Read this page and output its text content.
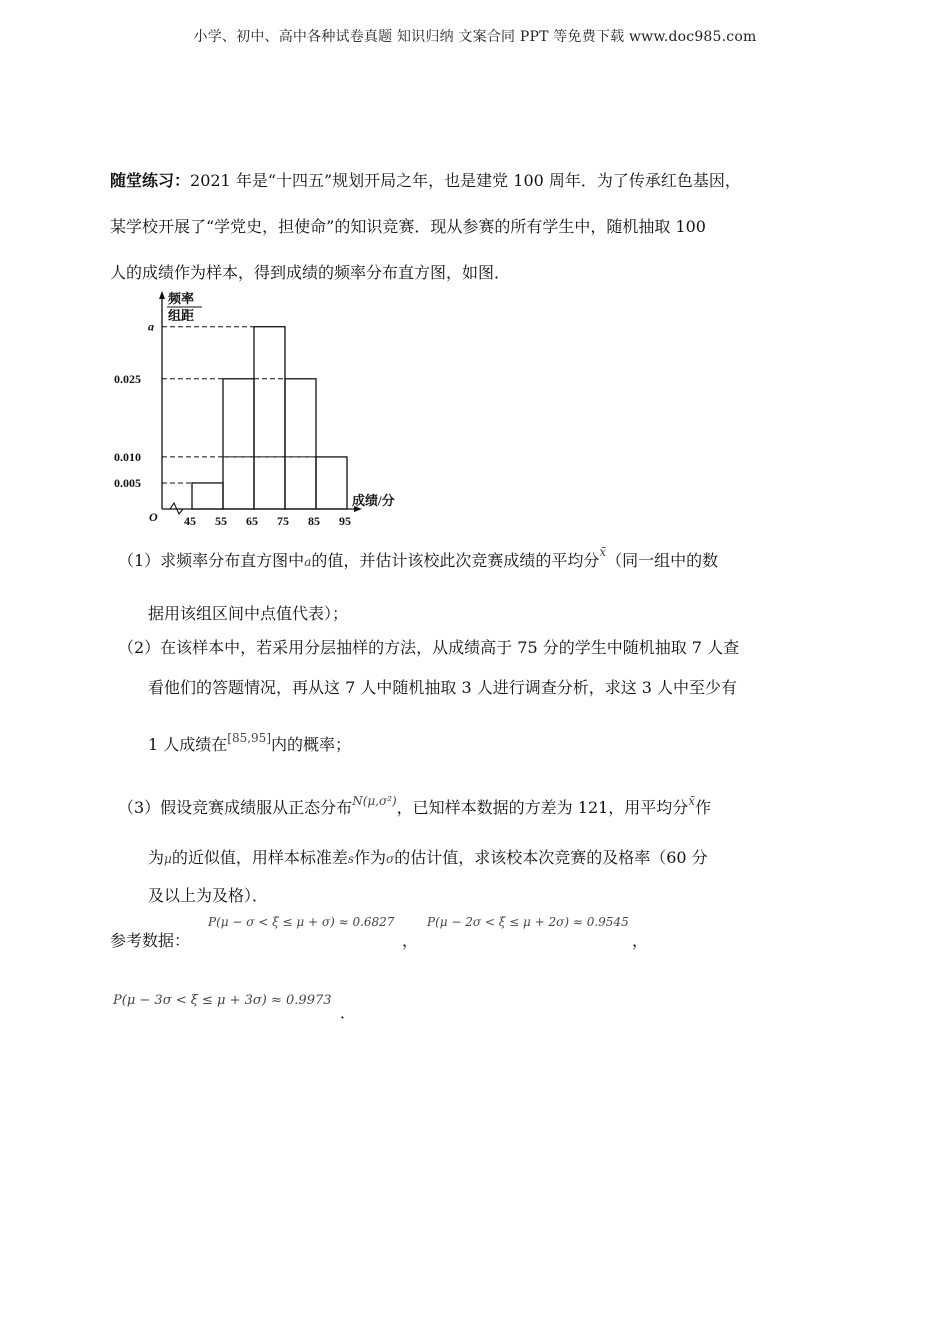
小学、初中、高中各种试卷真题 知识归纳 文案合同 PPT 等免费下载 www.doc985.com
随堂练习：2021 年是“十四五”规划开局之年，也是建党 100 周年．为了传承红色基因，
某学校开展了“学党史，担使命”的知识竞赛．现从参赛的所有学生中，随机抽取 100
人的成绩作为样本，得到成绩的频率分布直方图，如图．
0.005
0.010
0.025
a
45 55 65 75 85 95
O
频率
组距
成绩/分
（1）求频率分布直方图中a的值，并估计该校此次竞赛成绩的平均分$^{x̄}$（同一组中的数
据用该组区间中点值代表）；
（2）在该样本中，若采用分层抽样的方法，从成绩高于 75 分的学生中随机抽取 7 人查
看他们的答题情况，再从这 7 人中随机抽取 3 人进行调查分析，求这 3 人中至少有
1 人成绩在[85,95]内的概率；
（3）假设竞赛成绩服从正态分布$^{N(\mu,\sigma^2)}$，已知样本数据的方差为 121，用平均分$^{x̄}$作
为μ的近似值，用样本标准差s作为σ的估计值，求该校本次竞赛的及格率（60 分
及以上为及格）．
参考数据：
P(μ − σ < ξ ≤ μ + σ) ≈ 0.6827
，
P(μ − 2σ < ξ ≤ μ + 2σ) ≈ 0.9545
，
P(μ − 3σ < ξ ≤ μ + 3σ) ≈ 0.9973
．
